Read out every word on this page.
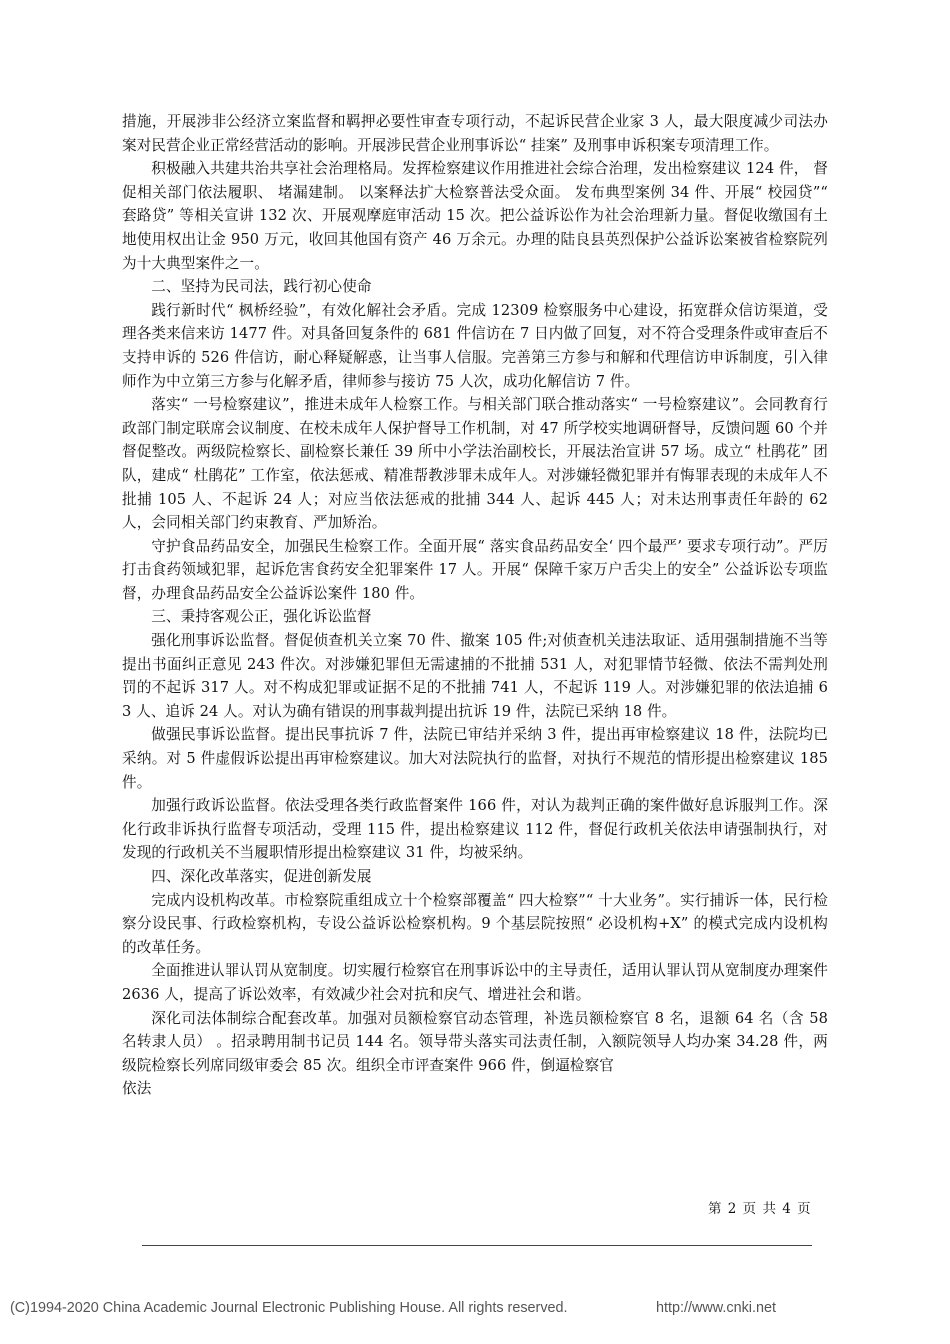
措施，开展涉非公经济立案监督和羁押必要性审查专项行动，不起诉民营企业家 3 人，最大限度减少司法办案对民营企业正常经营活动的影响。开展涉民营企业刑事诉讼“ 挂案” 及刑事申诉积案专项清理工作。

积极融入共建共治共享社会治理格局。发挥检察建议作用推进社会综合治理，发出检察建议 124 件， 督促相关部门依法履职、 堵漏建制。 以案释法扩大检察普法受众面。 发布典型案例 34 件、开展“ 校园贷”“ 套路贷” 等相关宣讲 132 次、开展观摩庭审活动 15 次。把公益诉讼作为社会治理新力量。督促收缴国有土地使用权出让金 950 万元，收回其他国有资产 46 万余元。办理的陆良县英烈保护公益诉讼案被省检察院列为十大典型案件之一。

二、坚持为民司法，践行初心使命

践行新时代“ 枫桥经验”，有效化解社会矛盾。完成 12309 检察服务中心建设，拓宽群众信访渠道，受理各类来信来访 1477 件。对具备回复条件的 681 件信访在 7 日内做了回复，对不符合受理条件或审查后不支持申诉的 526 件信访，耐心释疑解惑，让当事人信服。完善第三方参与和解和代理信访申诉制度，引入律师作为中立第三方参与化解矛盾，律师参与接访 75 人次，成功化解信访 7 件。

落实“ 一号检察建议”，推进未成年人检察工作。与相关部门联合推动落实“ 一号检察建议”。会同教育行政部门制定联席会议制度、在校未成年人保护督导工作机制，对 47 所学校实地调研督导，反馈问题 60 个并督促整改。两级院检察长、副检察长兼任 39 所中小学法治副校长，开展法治宣讲 57 场。成立“ 杜鹃花” 团队，建成“ 杜鹃花” 工作室，依法惩戒、精准帮教涉罪未成年人。对涉嫌轻微犯罪并有悔罪表现的未成年人不批捕 105 人、不起诉 24 人；对应当依法惩戒的批捕 344 人、起诉 445 人；对未达刑事责任年龄的 62 人，会同相关部门约束教育、严加矫治。

守护食品药品安全，加强民生检察工作。全面开展“ 落实食品药品安全‘ 四个最严’ 要求专项行动”。严厉打击食药领域犯罪，起诉危害食药安全犯罪案件 17 人。开展“ 保障千家万户舌尖上的安全” 公益诉讼专项监督，办理食品药品安全公益诉讼案件 180 件。

三、秉持客观公正，强化诉讼监督

强化刑事诉讼监督。督促侦查机关立案 70 件、撤案 105 件;对侦查机关违法取证、适用强制措施不当等提出书面纠正意见 243 件次。对涉嫌犯罪但无需逮捕的不批捕 531 人，对犯罪情节轻微、依法不需判处刑罚的不起诉 317 人。对不构成犯罪或证据不足的不批捕 741 人，不起诉 119 人。对涉嫌犯罪的依法追捕 63 人、追诉 24 人。对认为确有错误的刑事裁判提出抗诉 19 件，法院已采纳 18 件。

做强民事诉讼监督。提出民事抗诉 7 件，法院已审结并采纳 3 件，提出再审检察建议 18 件，法院均已采纳。对 5 件虚假诉讼提出再审检察建议。加大对法院执行的监督，对执行不规范的情形提出检察建议 185 件。

加强行政诉讼监督。依法受理各类行政监督案件 166 件，对认为裁判正确的案件做好息诉服判工作。深化行政非诉执行监督专项活动，受理 115 件，提出检察建议 112 件，督促行政机关依法申请强制执行，对发现的行政机关不当履职情形提出检察建议 31 件，均被采纳。

四、深化改革落实，促进创新发展

完成内设机构改革。市检察院重组成立十个检察部覆盖“ 四大检察”“ 十大业务”。实行捕诉一体，民行检察分设民事、行政检察机构，专设公益诉讼检察机构。9 个基层院按照“ 必设机构+X” 的模式完成内设机构的改革任务。

全面推进认罪认罚从宽制度。切实履行检察官在刑事诉讼中的主导责任，适用认罪认罚从宽制度办理案件 2636 人，提高了诉讼效率，有效减少社会对抗和戾气、增进社会和谐。

深化司法体制综合配套改革。加强对员额检察官动态管理，补选员额检察官 8 名，退额 64 名（含 58 名转隶人员） 。招录聘用制书记员 144 名。领导带头落实司法责任制，入额院领导人均办案 34.28 件，两级院检察长列席同级审委会 85 次。组织全市评查案件 966 件，倒逼检察官

依法

第 2 页 共 4 页
(C)1994-2020 China Academic Journal Electronic Publishing House. All rights reserved.	http://www.cnki.net
